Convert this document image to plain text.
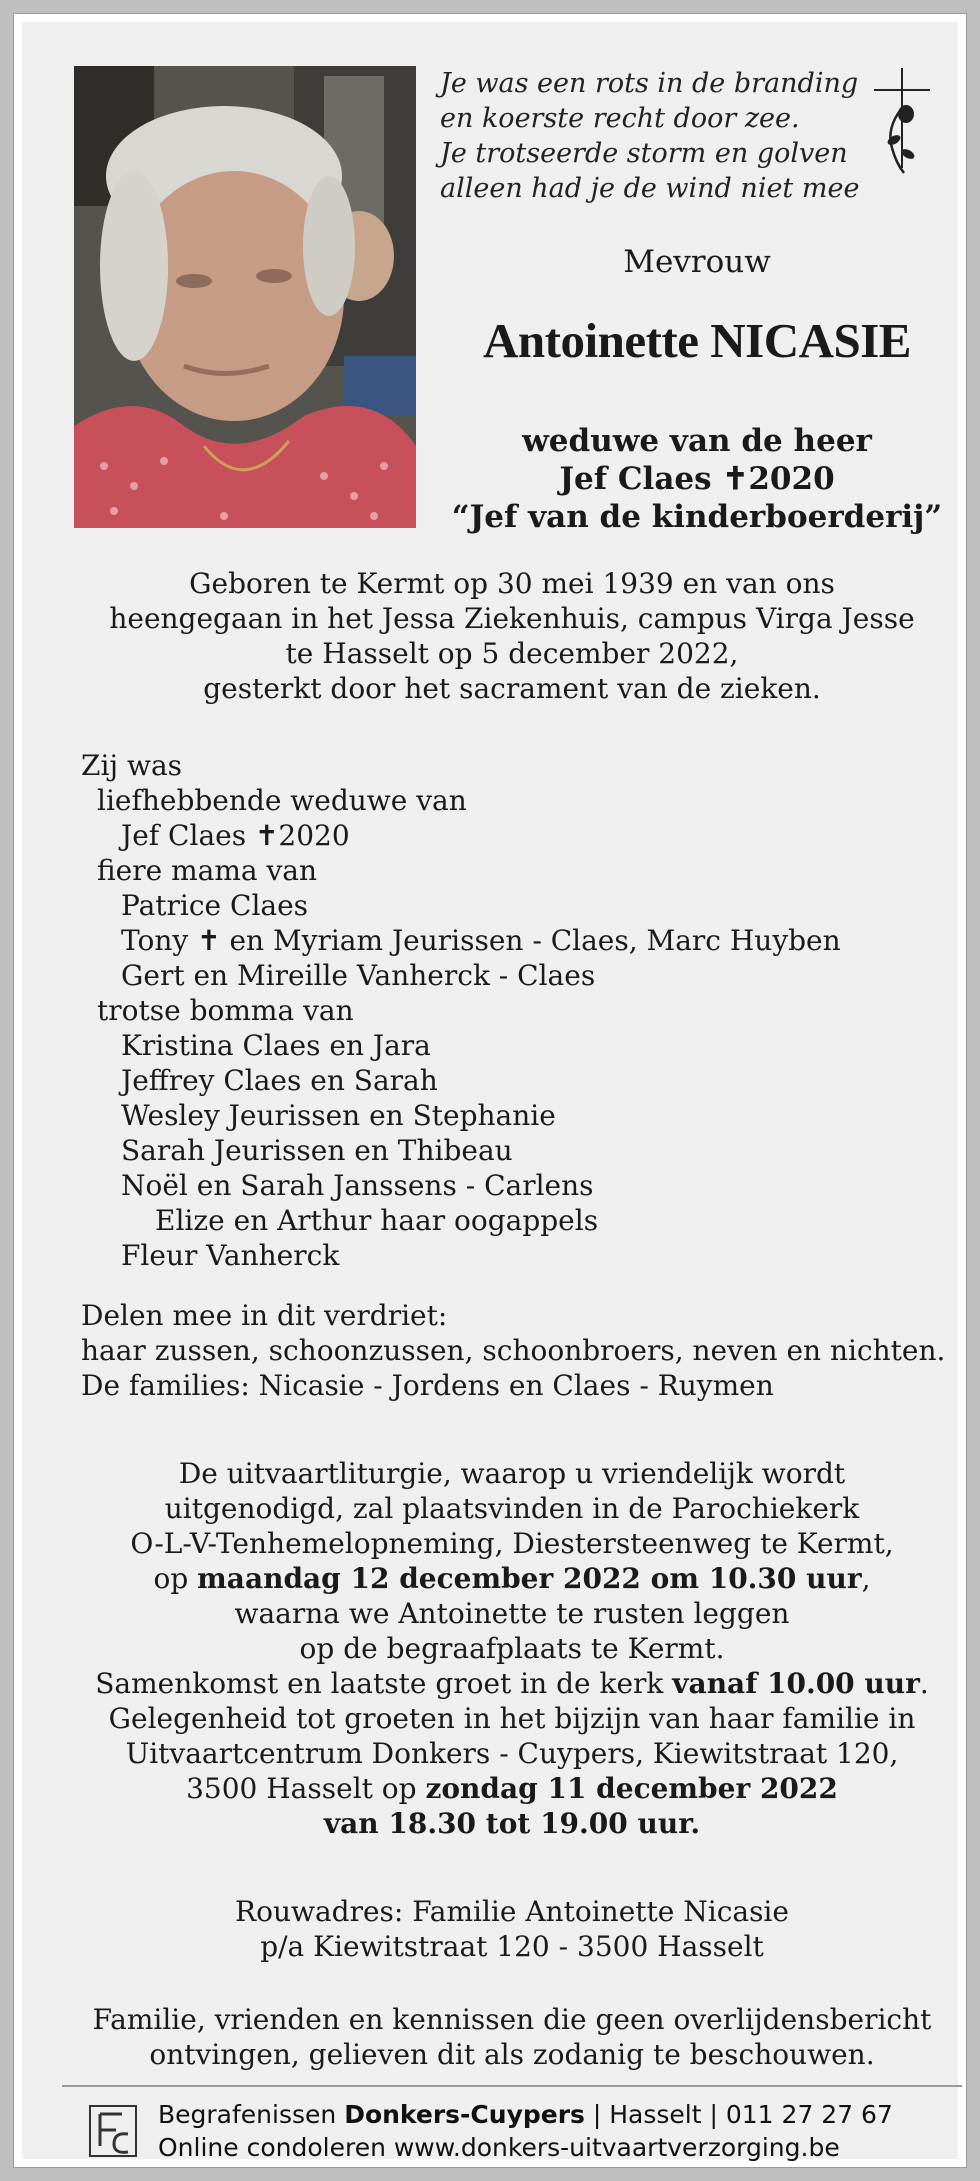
Je was een rots in de branding
en koerste recht door zee.
Je trotseerde storm en golven
alleen had je de wind niet mee
Mevrouw
Antoinette NICASIE
weduwe van de heer
Jef Claes ✝2020
“Jef van de kinderboerderij”
Geboren te Kermt op 30 mei 1939 en van ons
heengegaan in het Jessa Ziekenhuis, campus Virga Jesse
te Hasselt op 5 december 2022,
gesterkt door het sacrament van de zieken.

Zij was

liefhebbende weduwe van

Jef Claes ✝2020

fiere mama van

Patrice Claes

Tony ✝ en Myriam Jeurissen - Claes, Marc Huyben

Gert en Mireille Vanherck - Claes

trotse bomma van

Kristina Claes en Jara

Jeffrey Claes en Sarah

Wesley Jeurissen en Stephanie

Sarah Jeurissen en Thibeau

Noël en Sarah Janssens - Carlens

Elize en Arthur haar oogappels

Fleur Vanherck

Delen mee in dit verdriet:
haar zussen, schoonzussen, schoonbroers, neven en nichten.
De families: Nicasie - Jordens en Claes - Ruymen
De uitvaartliturgie, waarop u vriendelijk wordt
uitgenodigd, zal plaatsvinden in de Parochiekerk
O-L-V-Tenhemelopneming, Diestersteenweg te Kermt,
op maandag 12 december 2022 om 10.30 uur,
waarna we Antoinette te rusten leggen
op de begraafplaats te Kermt.
Samenkomst en laatste groet in de kerk vanaf 10.00 uur.
Gelegenheid tot groeten in het bijzijn van haar familie in
Uitvaartcentrum Donkers - Cuypers, Kiewitstraat 120,
3500 Hasselt op zondag 11 december 2022
van 18.30 tot 19.00 uur.
Rouwadres: Familie Antoinette Nicasie
p/a Kiewitstraat 120 - 3500 Hasselt
Familie, vrienden en kennissen die geen overlijdensbericht
ontvingen, gelieven dit als zodanig te beschouwen.
Begrafenissen Donkers-Cuypers | Hasselt | 011 27 27 67
Online condoleren www.donkers-uitvaartverzorging.be
